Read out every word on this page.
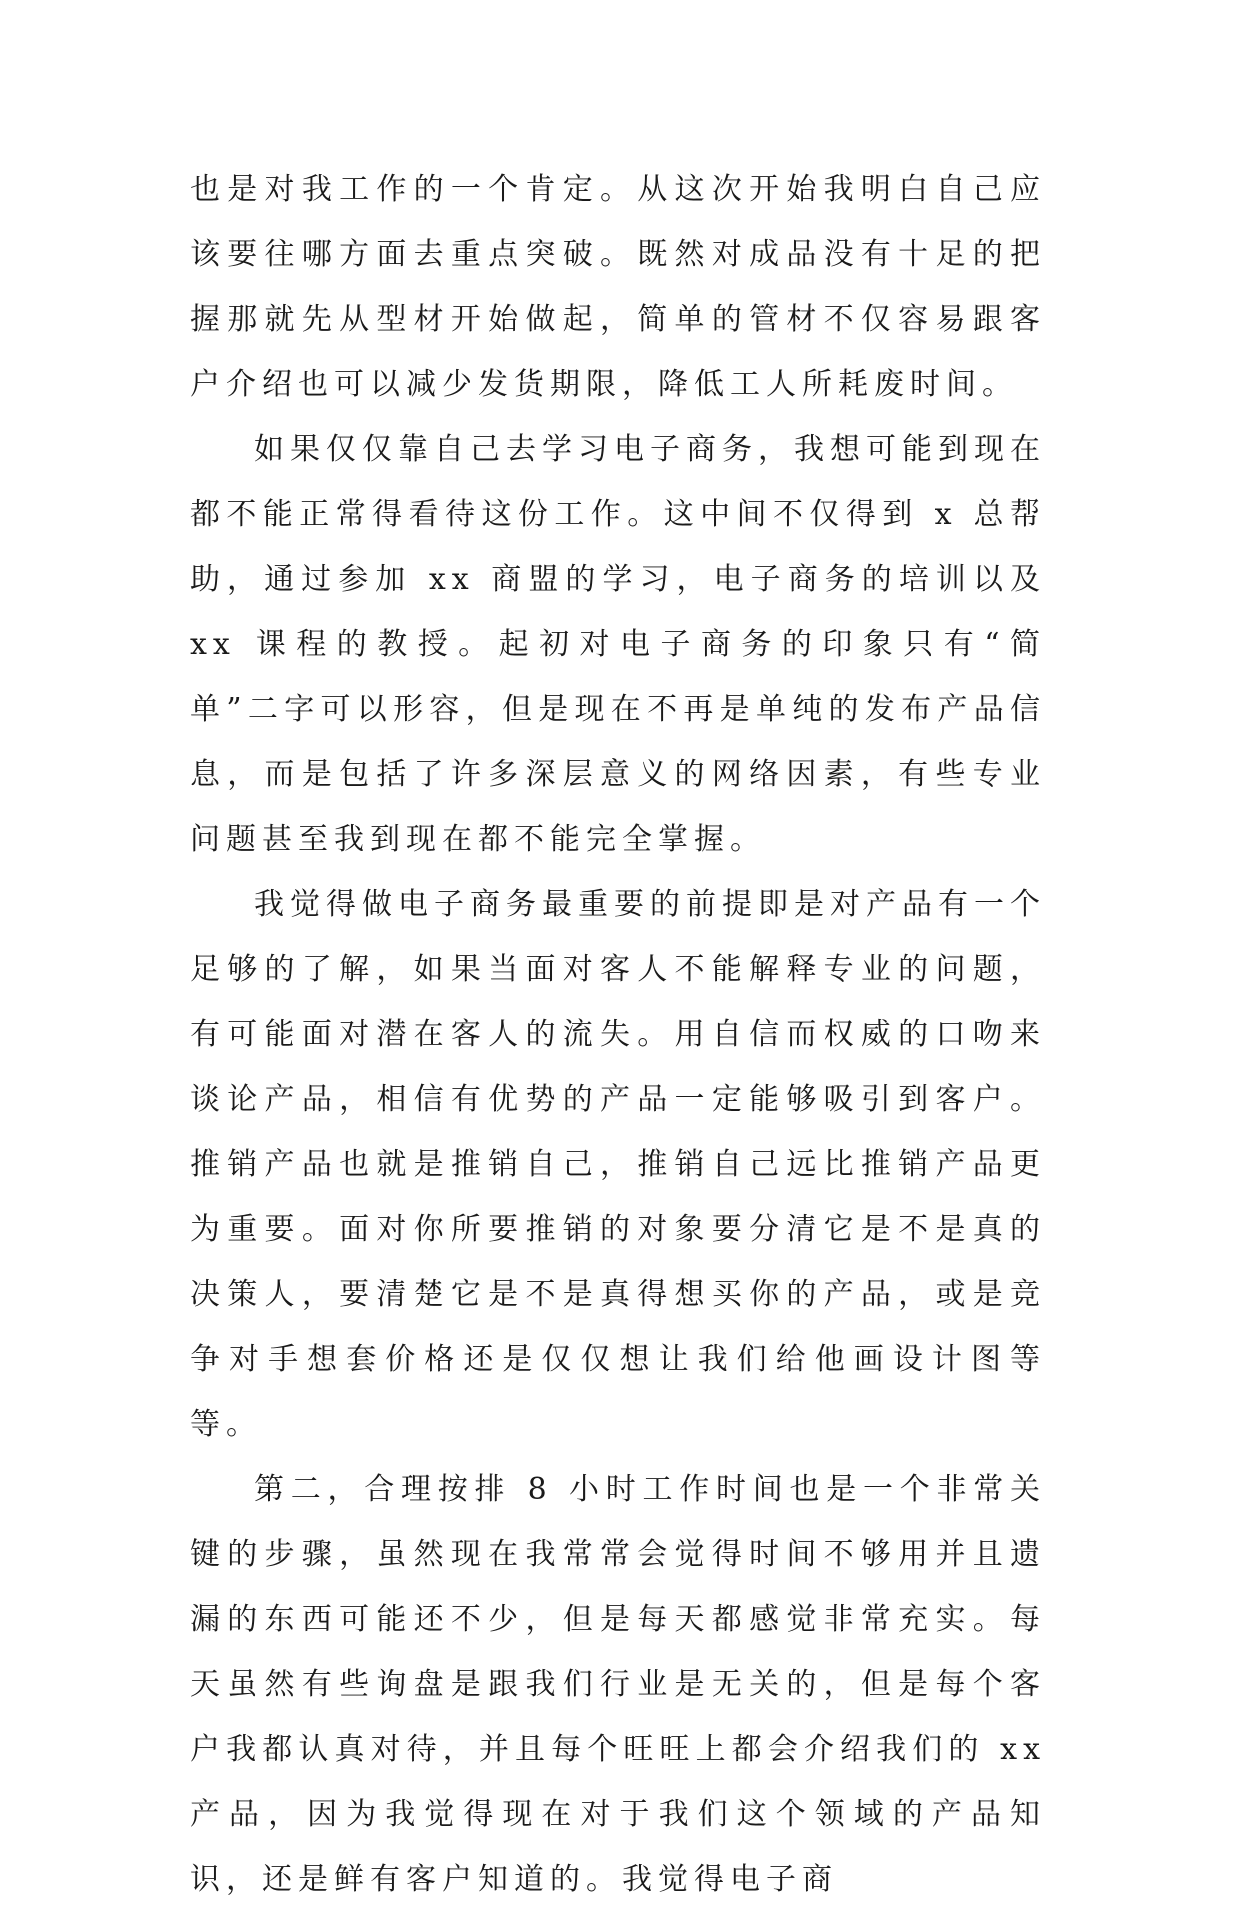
也是对我工作的一个肯定。从这次开始我明白自己应该要往哪方面去重点突破。既然对成品没有十足的把握那就先从型材开始做起，简单的管材不仅容易跟客户介绍也可以减少发货期限，降低工人所耗废时间。

如果仅仅靠自己去学习电子商务，我想可能到现在都不能正常得看待这份工作。这中间不仅得到 x 总帮助，通过参加 xx 商盟的学习，电子商务的培训以及 xx 课程的教授。起初对电子商务的印象只有“简单”二字可以形容，但是现在不再是单纯的发布产品信息，而是包括了许多深层意义的网络因素，有些专业问题甚至我到现在都不能完全掌握。

我觉得做电子商务最重要的前提即是对产品有一个足够的了解，如果当面对客人不能解释专业的问题，有可能面对潜在客人的流失。用自信而权威的口吻来谈论产品，相信有优势的产品一定能够吸引到客户。推销产品也就是推销自己，推销自己远比推销产品更为重要。面对你所要推销的对象要分清它是不是真的决策人，要清楚它是不是真得想买你的产品，或是竞争对手想套价格还是仅仅想让我们给他画设计图等等。

第二，合理按排 8 小时工作时间也是一个非常关键的步骤，虽然现在我常常会觉得时间不够用并且遗漏的东西可能还不少，但是每天都感觉非常充实。每天虽然有些询盘是跟我们行业是无关的，但是每个客户我都认真对待，并且每个旺旺上都会介绍我们的 xx 产品，因为我觉得现在对于我们这个领域的产品知识，还是鲜有客户知道的。我觉得电子商
